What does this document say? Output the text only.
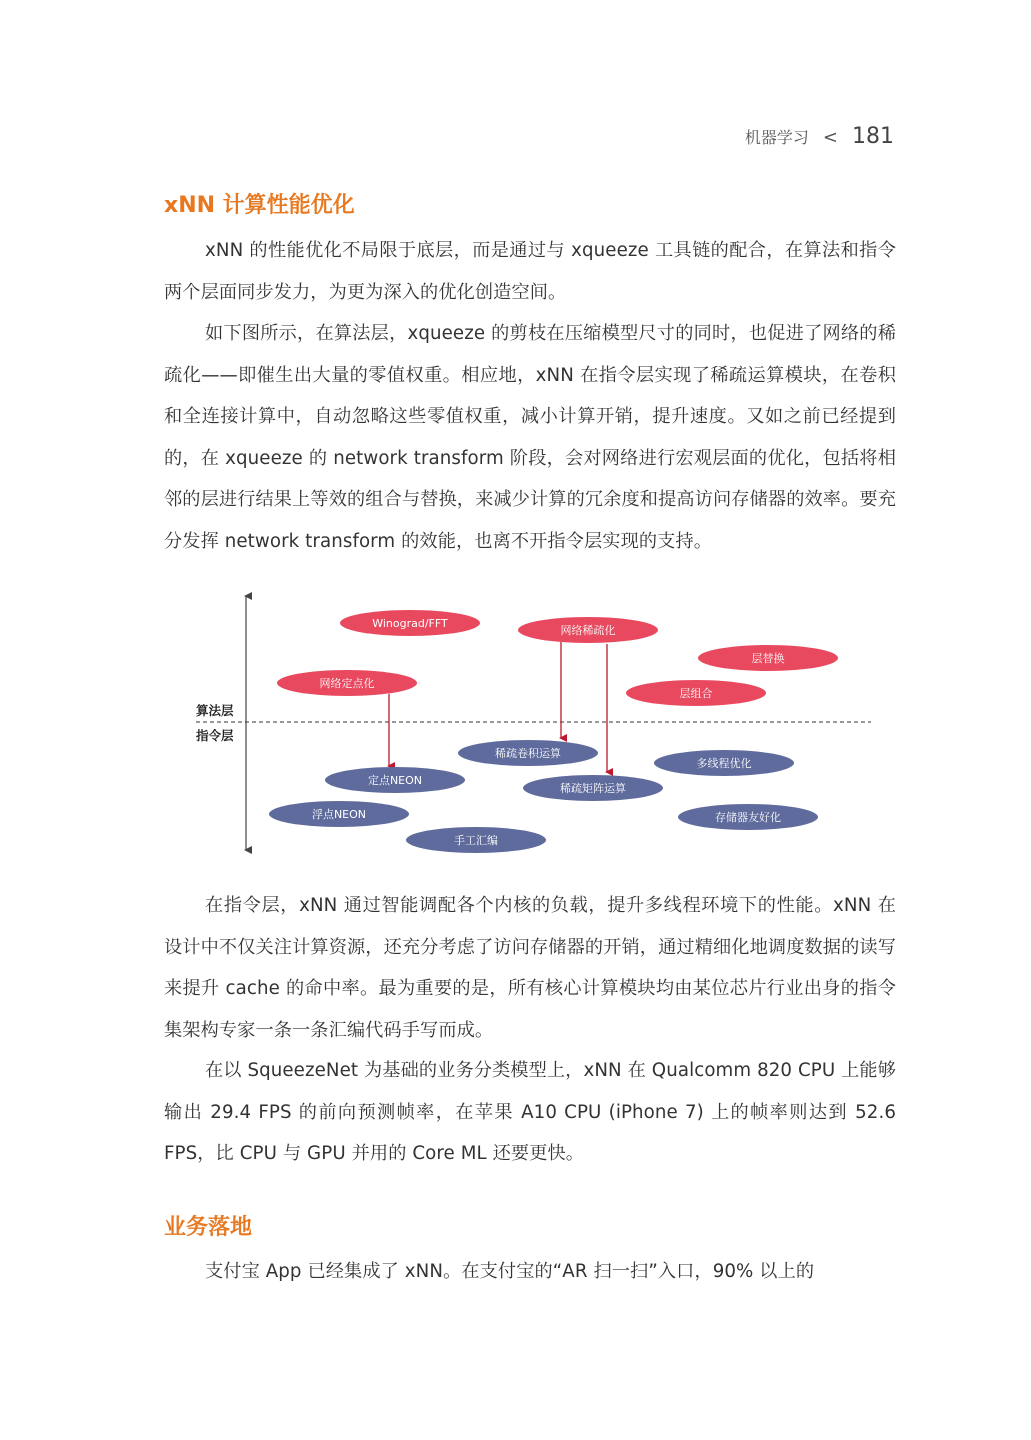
机器学习 < 181
xNN 计算性能优化

xNN 的性能优化不局限于底层，而是通过与 xqueeze 工具链的配合，在算法和指令两个层面同步发力，为更为深入的优化创造空间。

如下图所示，在算法层，xqueeze 的剪枝在压缩模型尺寸的同时，也促进了网络的稀疏化——即催生出大量的零值权重。相应地，xNN 在指令层实现了稀疏运算模块，在卷积和全连接计算中，自动忽略这些零值权重，减小计算开销，提升速度。又如之前已经提到的，在 xqueeze 的 network transform 阶段，会对网络进行宏观层面的优化，包括将相邻的层进行结果上等效的组合与替换，来减少计算的冗余度和提高访问存储器的效率。要充分发挥 network transform 的效能，也离不开指令层实现的支持。

算法层
指令层
Winograd/FFT
网络稀疏化
层替换
网络定点化
层组合
稀疏卷积运算
多线程优化
定点NEON
稀疏矩阵运算
浮点NEON	存储器友好化
手工汇编

在指令层，xNN 通过智能调配各个内核的负载，提升多线程环境下的性能。xNN 在设计中不仅关注计算资源，还充分考虑了访问存储器的开销，通过精细化地调度数据的读写来提升 cache 的命中率。最为重要的是，所有核心计算模块均由某位芯片行业出身的指令集架构专家一条一条汇编代码手写而成。

在以 SqueezeNet 为基础的业务分类模型上，xNN 在 Qualcomm 820 CPU 上能够输出 29.4 FPS 的前向预测帧率，在苹果 A10 CPU (iPhone 7) 上的帧率则达到 52.6 FPS，比 CPU 与 GPU 并用的 Core ML 还要更快。

业务落地

支付宝 App 已经集成了 xNN。在支付宝的“AR 扫一扫”入口，90% 以上的
